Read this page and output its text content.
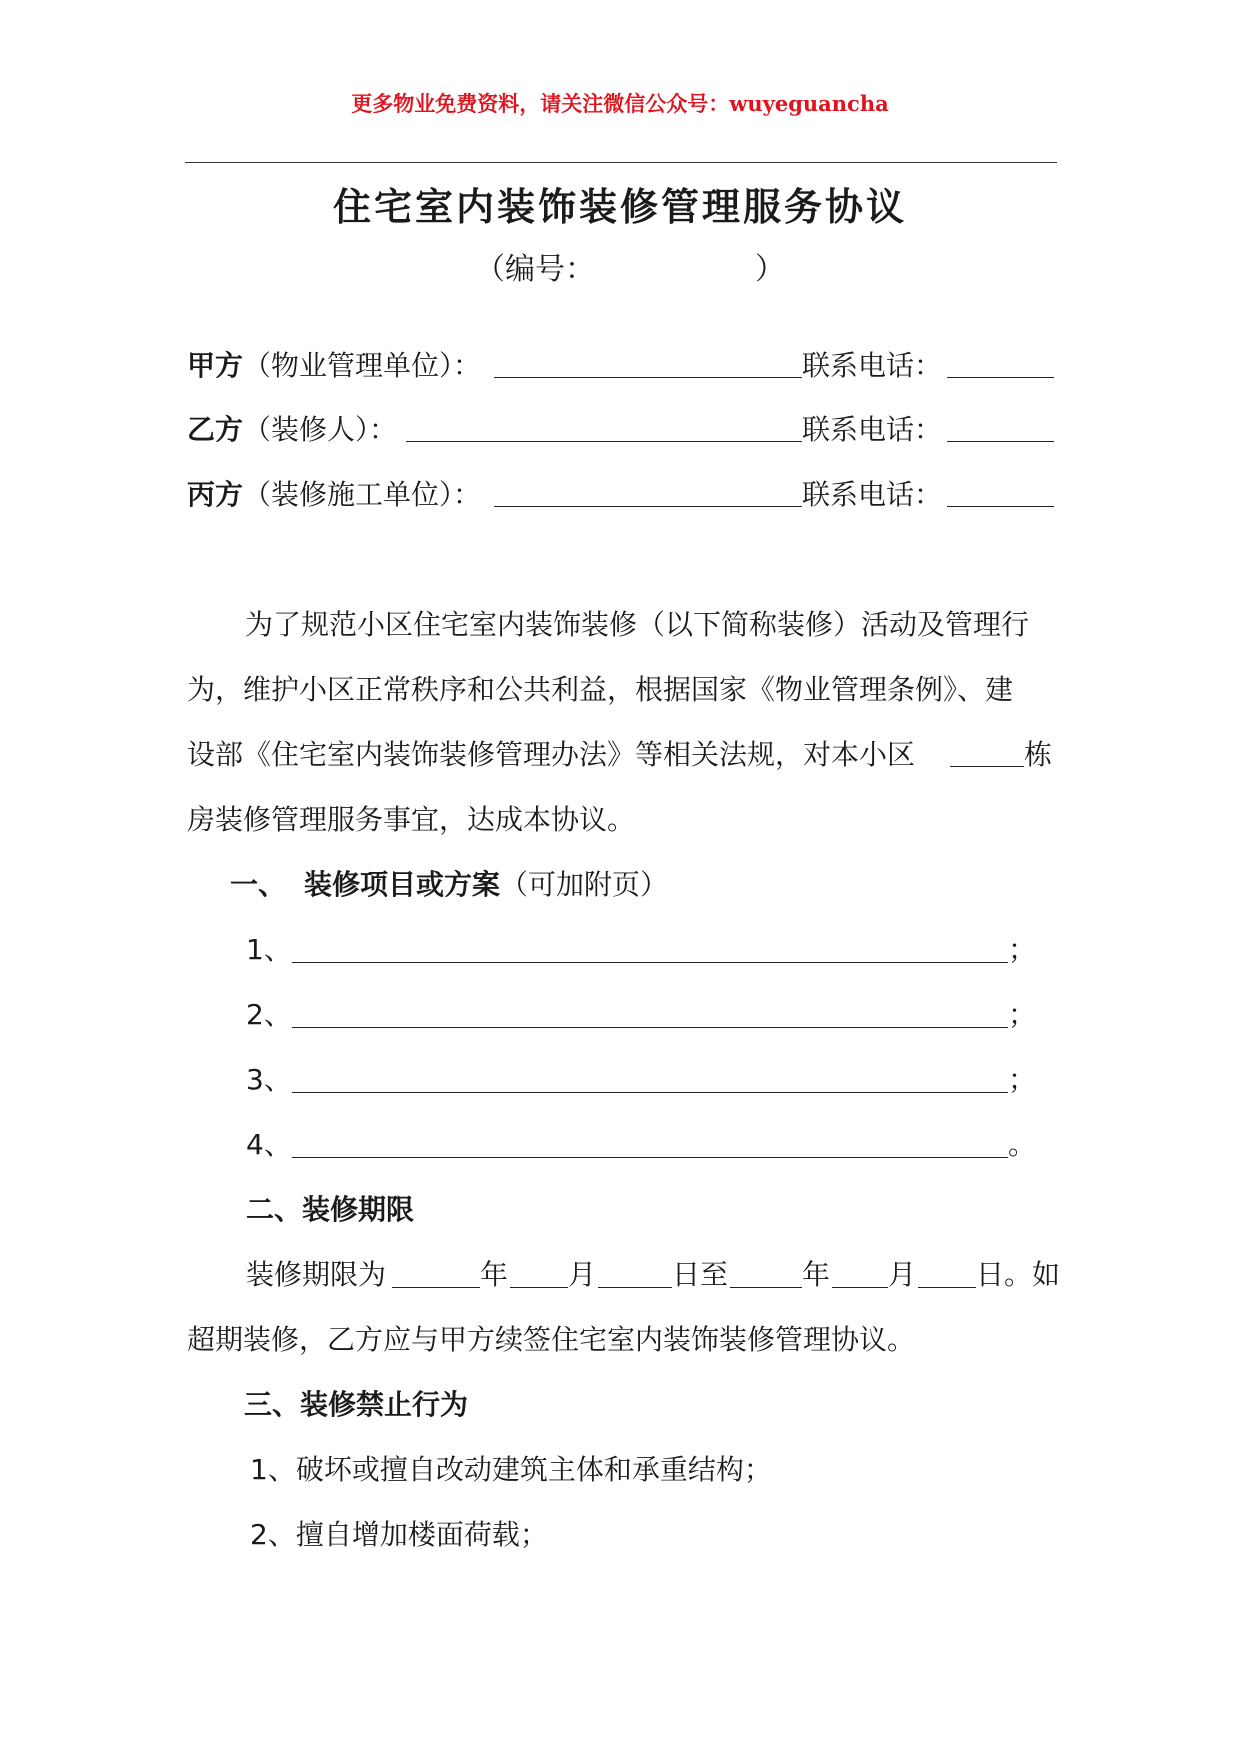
更多物业免费资料，请关注微信公众号：wuyeguancha
住宅室内装饰装修管理服务协议
（编号：	）
甲方（物业管理单位）：	联系电话：
乙方（装修人）：	联系电话：
丙方（装修施工单位）：	联系电话：
为了规范小区住宅室内装饰装修（以下简称装修）活动及管理行
为，维护小区正常秩序和公共利益，根据国家《物业管理条例》、建
设部《住宅室内装饰装修管理办法》等相关法规，对本小区	栋
房装修管理服务事宜，达成本协议。
一、 装修项目或方案（可加附页）
1、	；
2、	；
3、	；
4、	。
二、装修期限
装修期限为	年 月	日至	年 月 日。如
超期装修，乙方应与甲方续签住宅室内装饰装修管理协议。
三、装修禁止行为
1、破坏或擅自改动建筑主体和承重结构；
2、擅自增加楼面荷载；
